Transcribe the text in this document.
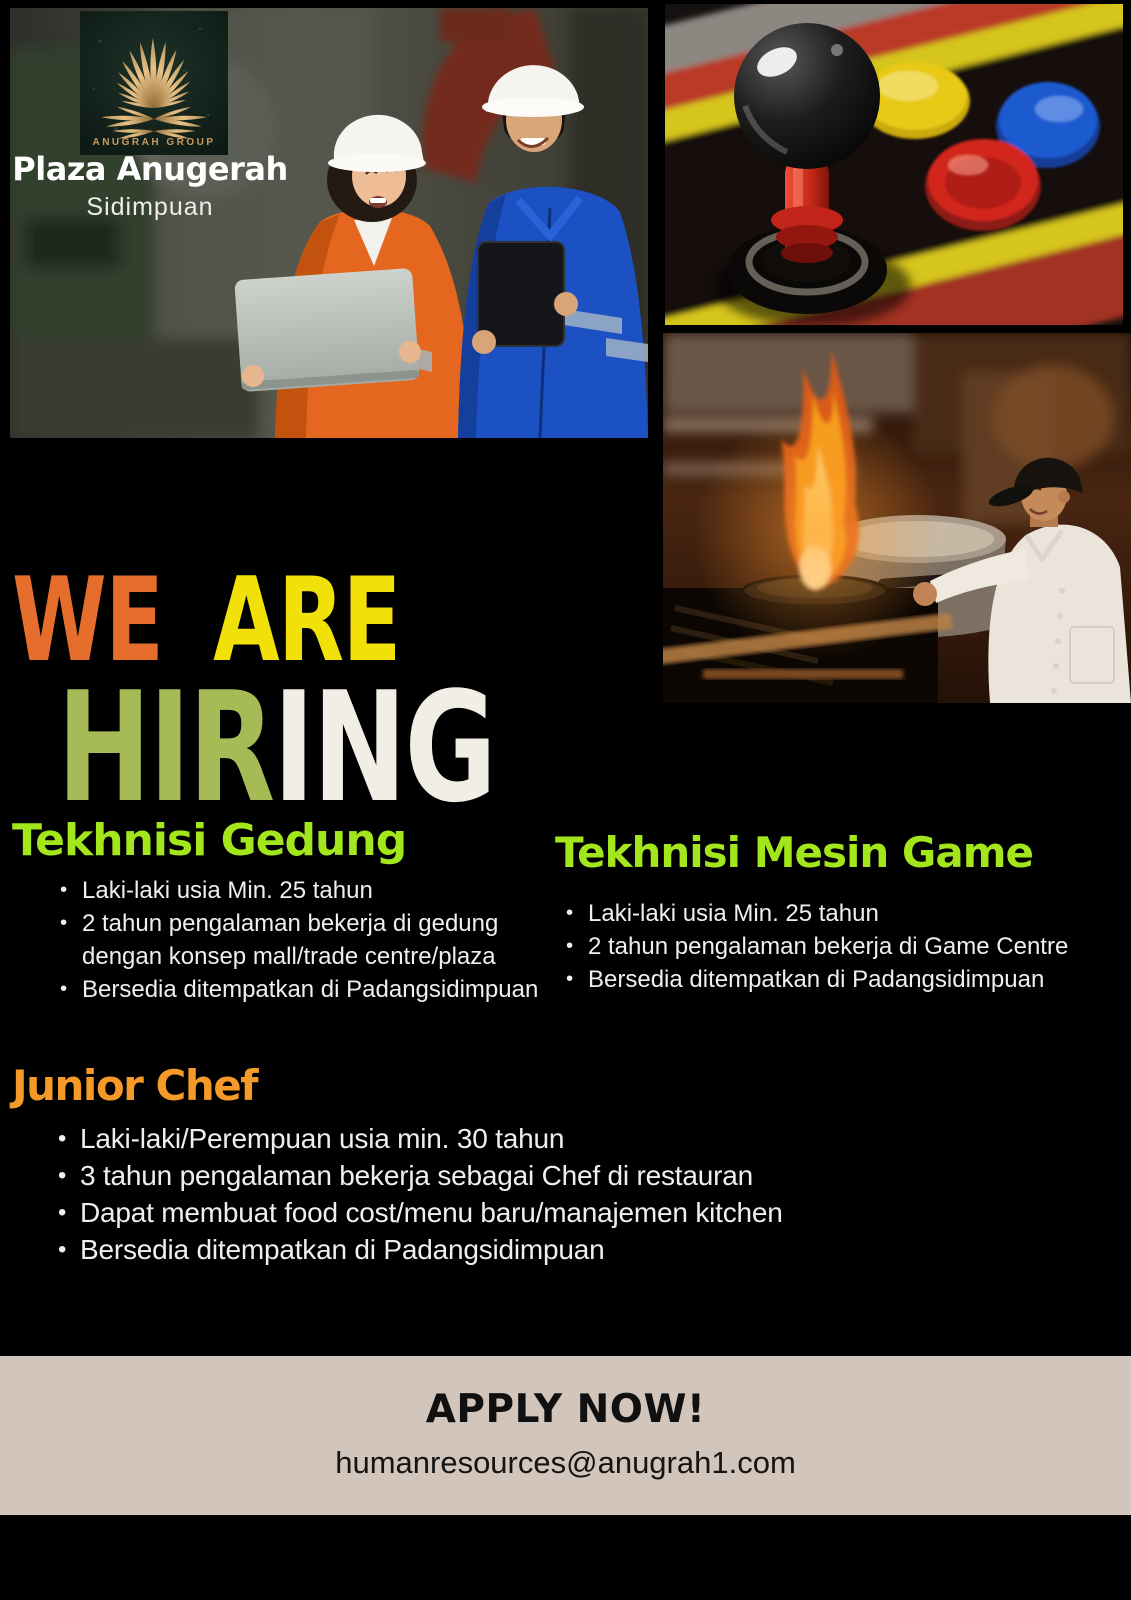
ANUGRAH GROUP
Plaza Anugerah
Sidimpuan
WE ARE
HIRING
Tekhnisi Gedung
• Laki-laki usia Min. 25 tahun
• 2 tahun pengalaman bekerja di gedung dengan konsep mall/trade centre/plaza
• Bersedia ditempatkan di Padangsidimpuan
Tekhnisi Mesin Game
• Laki-laki usia Min. 25 tahun
• 2 tahun pengalaman bekerja di Game Centre
• Bersedia ditempatkan di Padangsidimpuan
Junior Chef
• Laki-laki/Perempuan usia min. 30 tahun
• 3 tahun pengalaman bekerja sebagai Chef di restauran
• Dapat membuat food cost/menu baru/manajemen kitchen
• Bersedia ditempatkan di Padangsidimpuan
APPLY NOW!
humanresources@anugrah1.com
